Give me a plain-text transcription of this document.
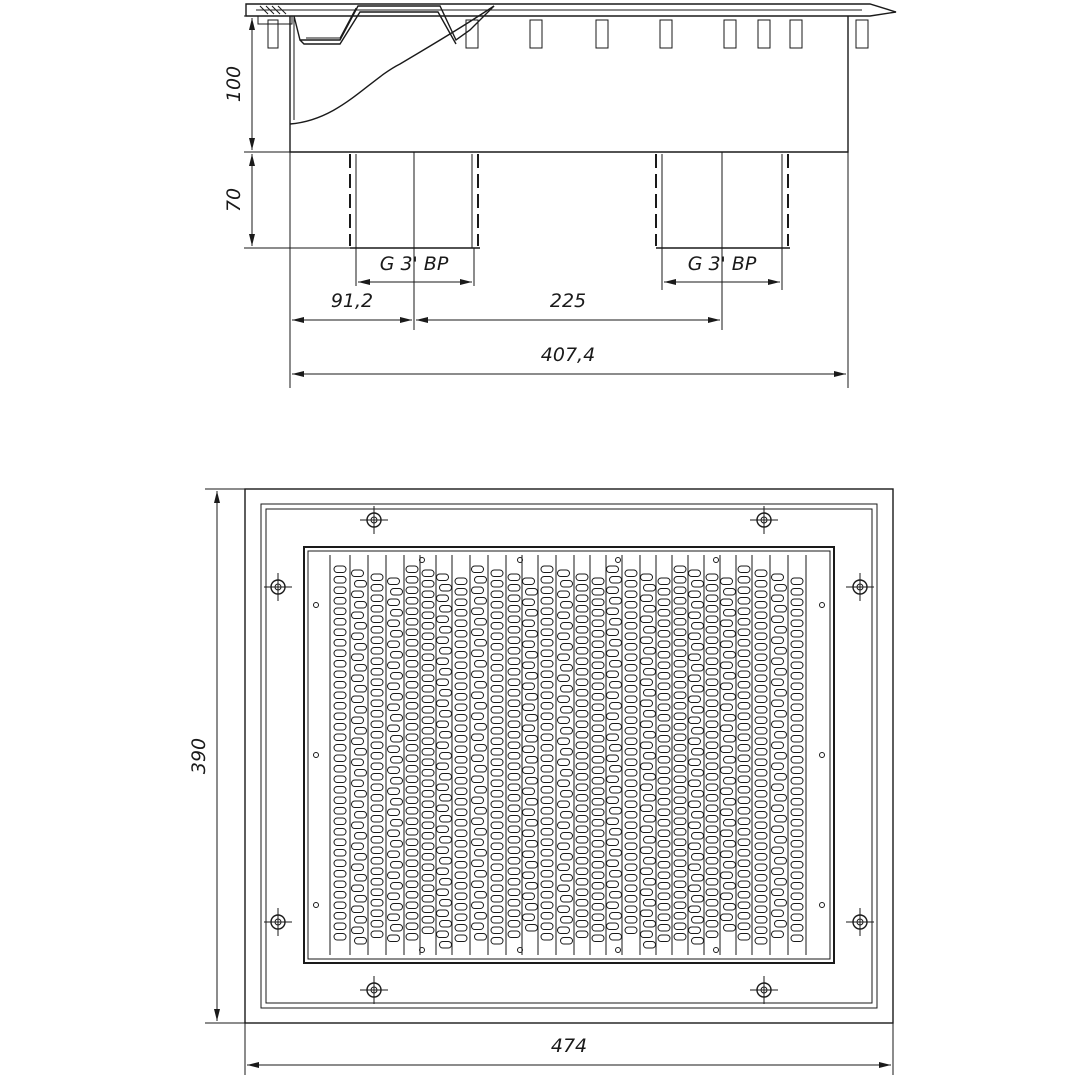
100
70
G 3' BP	G 3' BP
91,2	225
407,4
390
474
